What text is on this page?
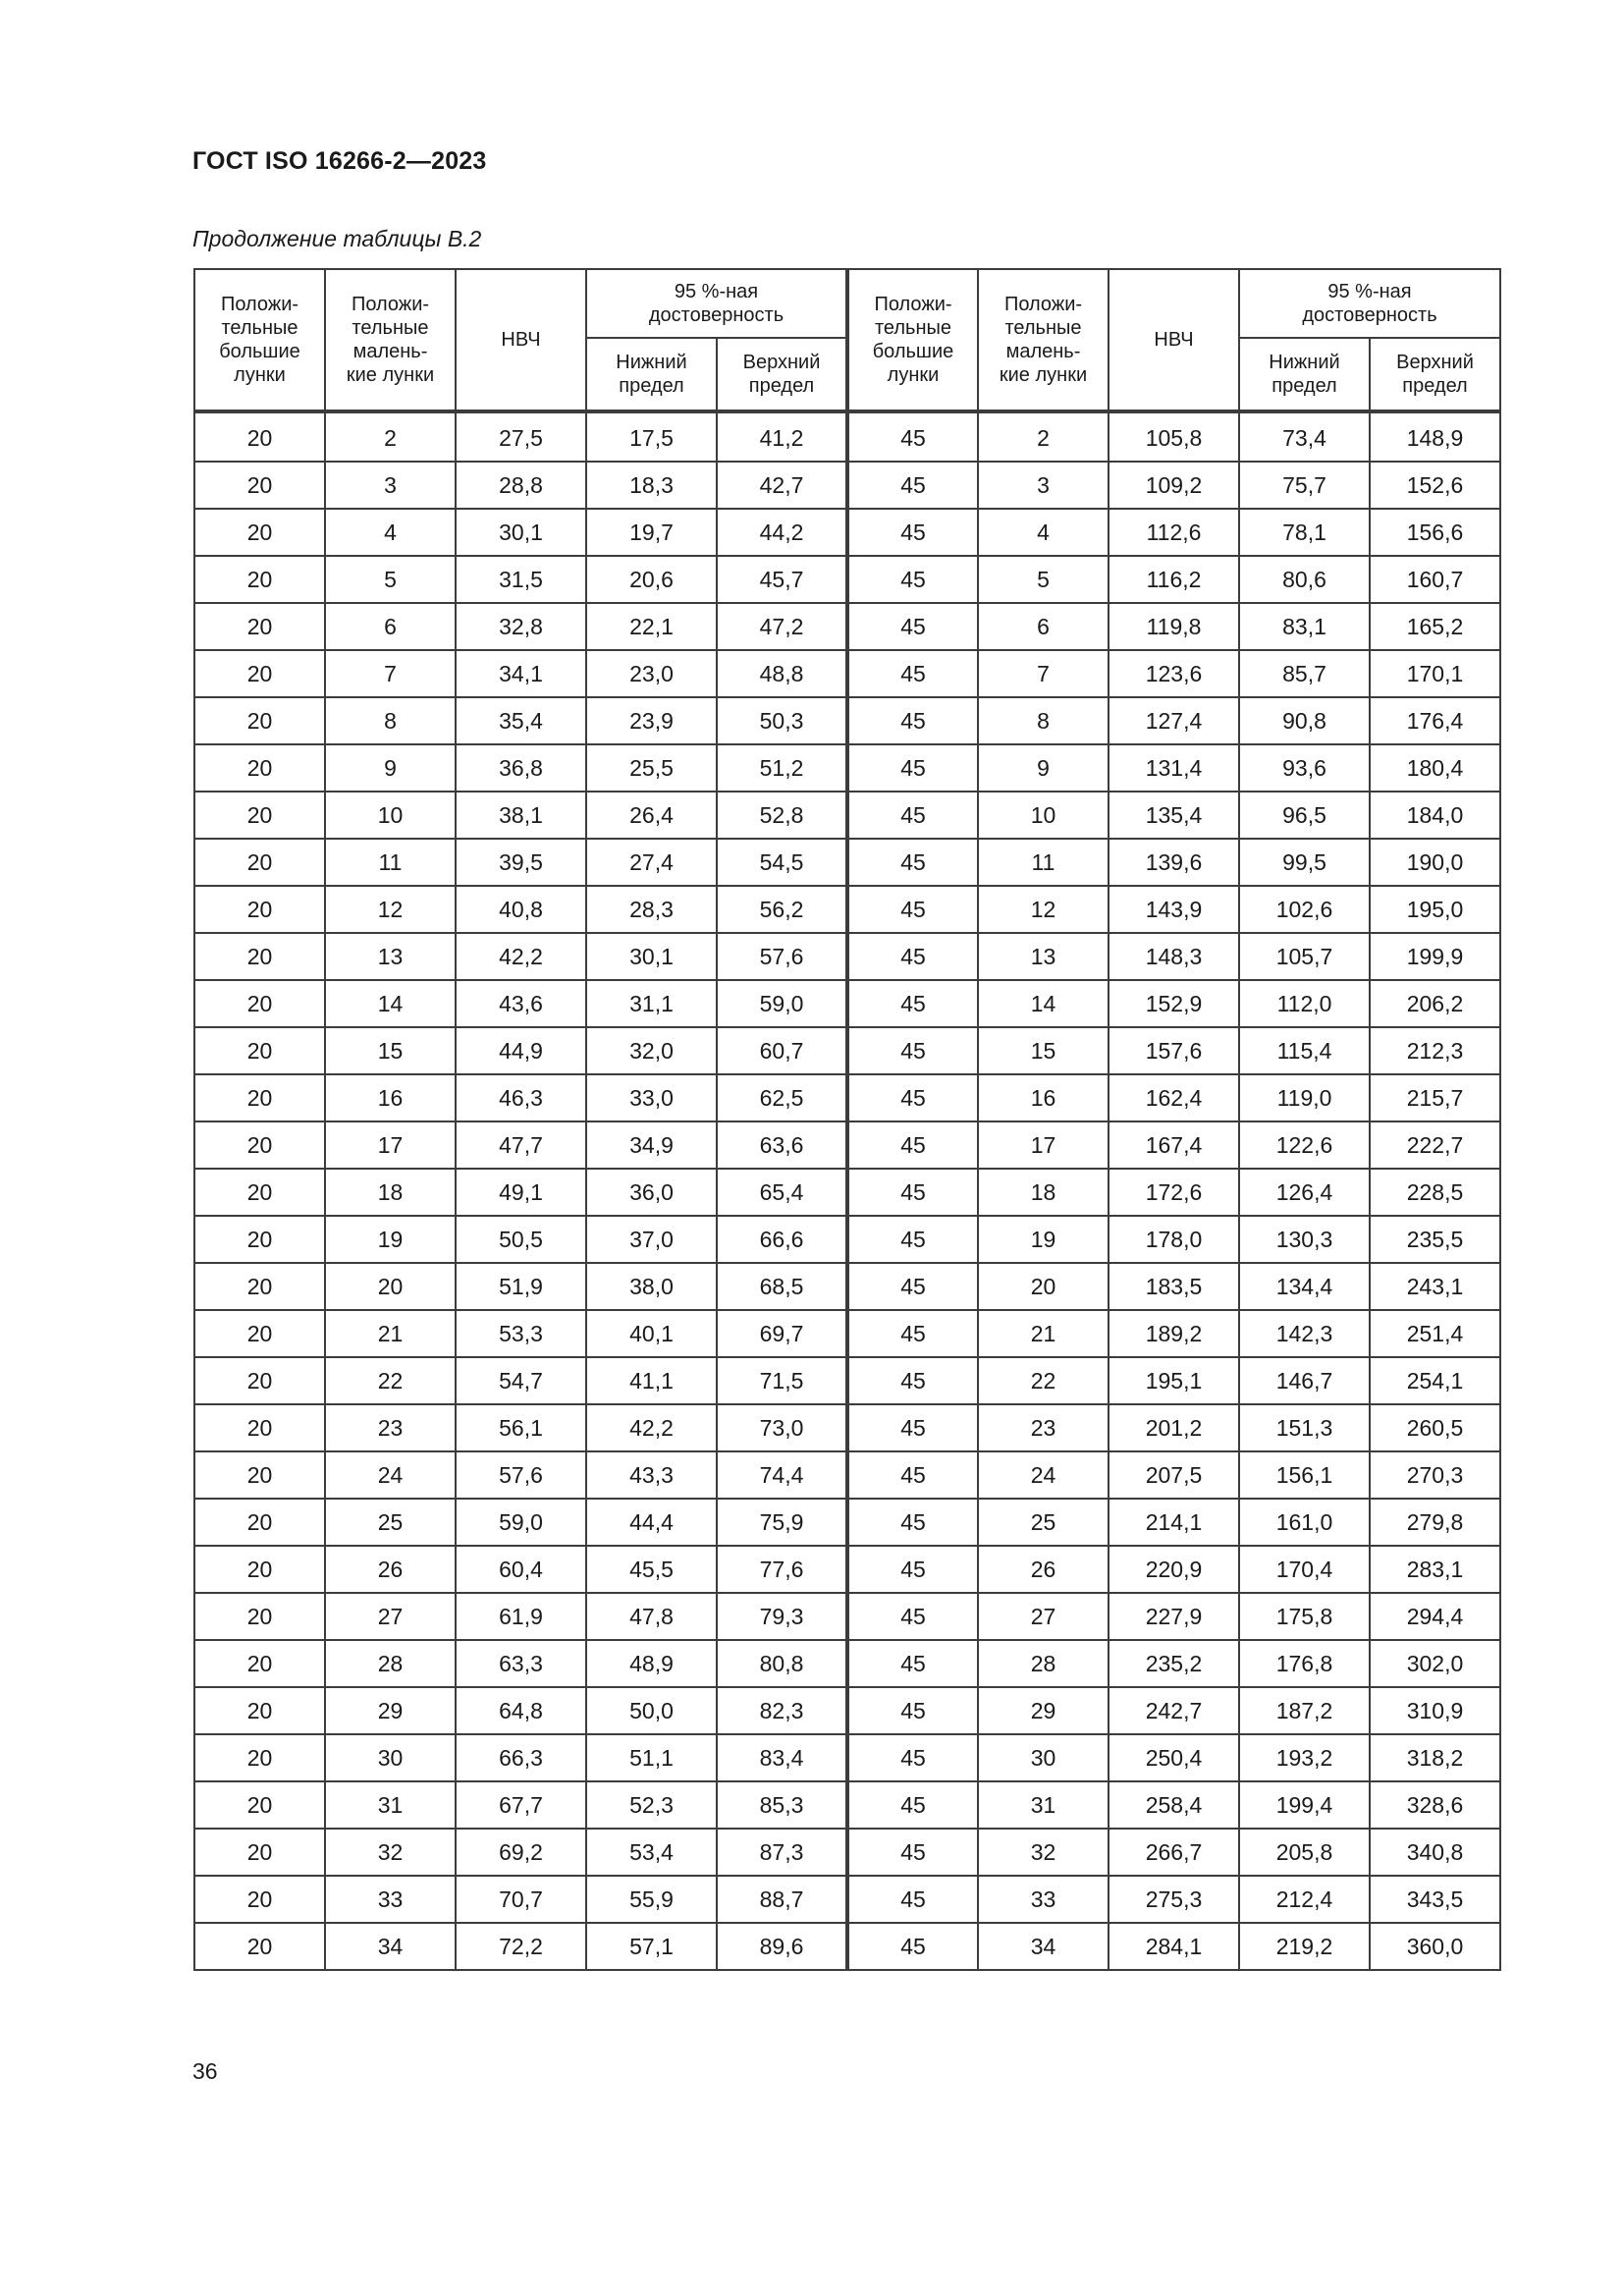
ГОСТ ISO 16266-2—2023
Продолжение таблицы B.2
Положи-
тельные
большие
лунки	Положи-
тельные
малень-
кие лунки	НВЧ	95 %-ная
достоверность		Положи-
тельные
большие
лунки	Положи-
тельные
малень-
кие лунки	НВЧ	95 %-ная
достоверность	
			Нижний
предел	Верхний
предел				Нижний
предел	Верхний
предел
20	2	27,5	17,5	41,2	45	2	105,8	73,4	148,9
20	3	28,8	18,3	42,7	45	3	109,2	75,7	152,6
20	4	30,1	19,7	44,2	45	4	112,6	78,1	156,6
20	5	31,5	20,6	45,7	45	5	116,2	80,6	160,7
20	6	32,8	22,1	47,2	45	6	119,8	83,1	165,2
20	7	34,1	23,0	48,8	45	7	123,6	85,7	170,1
20	8	35,4	23,9	50,3	45	8	127,4	90,8	176,4
20	9	36,8	25,5	51,2	45	9	131,4	93,6	180,4
20	10	38,1	26,4	52,8	45	10	135,4	96,5	184,0
20	11	39,5	27,4	54,5	45	11	139,6	99,5	190,0
20	12	40,8	28,3	56,2	45	12	143,9	102,6	195,0
20	13	42,2	30,1	57,6	45	13	148,3	105,7	199,9
20	14	43,6	31,1	59,0	45	14	152,9	112,0	206,2
20	15	44,9	32,0	60,7	45	15	157,6	115,4	212,3
20	16	46,3	33,0	62,5	45	16	162,4	119,0	215,7
20	17	47,7	34,9	63,6	45	17	167,4	122,6	222,7
20	18	49,1	36,0	65,4	45	18	172,6	126,4	228,5
20	19	50,5	37,0	66,6	45	19	178,0	130,3	235,5
20	20	51,9	38,0	68,5	45	20	183,5	134,4	243,1
20	21	53,3	40,1	69,7	45	21	189,2	142,3	251,4
20	22	54,7	41,1	71,5	45	22	195,1	146,7	254,1
20	23	56,1	42,2	73,0	45	23	201,2	151,3	260,5
20	24	57,6	43,3	74,4	45	24	207,5	156,1	270,3
20	25	59,0	44,4	75,9	45	25	214,1	161,0	279,8
20	26	60,4	45,5	77,6	45	26	220,9	170,4	283,1
20	27	61,9	47,8	79,3	45	27	227,9	175,8	294,4
20	28	63,3	48,9	80,8	45	28	235,2	176,8	302,0
20	29	64,8	50,0	82,3	45	29	242,7	187,2	310,9
20	30	66,3	51,1	83,4	45	30	250,4	193,2	318,2
20	31	67,7	52,3	85,3	45	31	258,4	199,4	328,6
20	32	69,2	53,4	87,3	45	32	266,7	205,8	340,8
20	33	70,7	55,9	88,7	45	33	275,3	212,4	343,5
20	34	72,2	57,1	89,6	45	34	284,1	219,2	360,0
36
